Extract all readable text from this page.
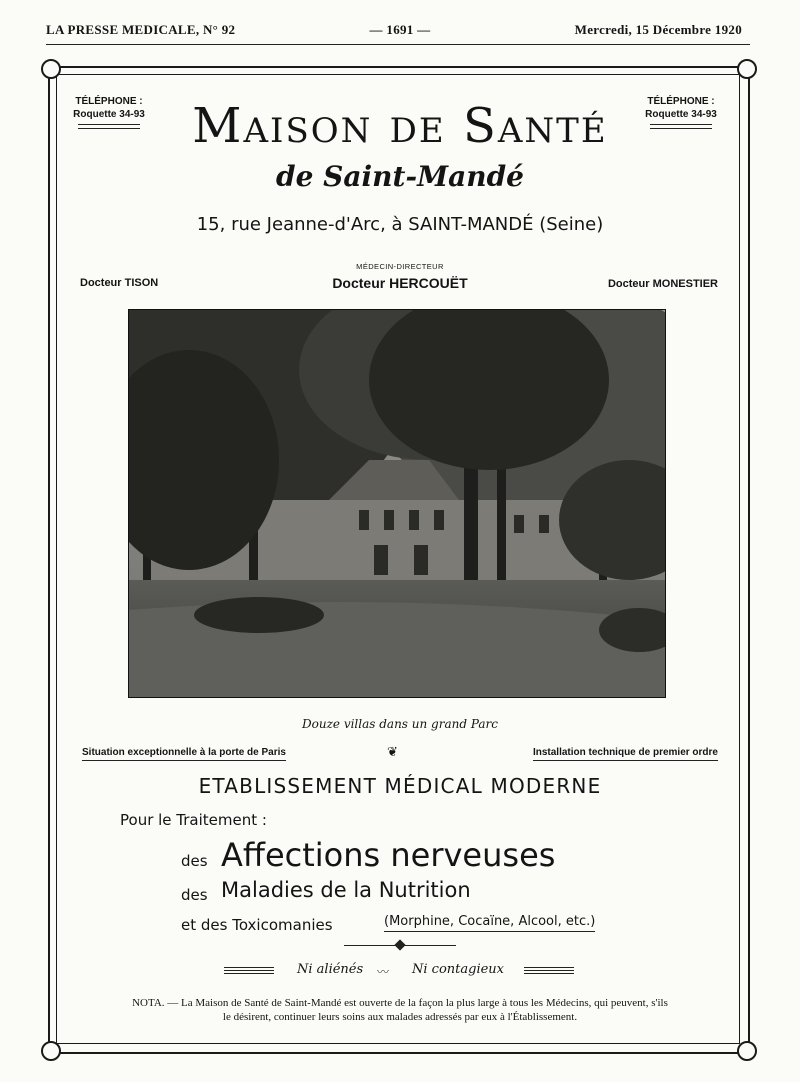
LA PRESSE MEDICALE, N° 92	— 1691 —	Mercredi, 15 Décembre 1920
TÉLÉPHONE :
Roquette 34-93
TÉLÉPHONE :
Roquette 34-93
MAISON DE SANTÉ
de Saint-Mandé
15, rue Jeanne-d'Arc, à SAINT-MANDÉ (Seine)
MÉDECIN-DIRECTEUR
Docteur TISON	Docteur HERCOUËT	Docteur MONESTIER
Douze villas dans un grand Parc
Situation exceptionnelle à la porte de Paris	❦	Installation technique de premier ordre
ETABLISSEMENT MÉDICAL MODERNE
Pour le Traitement :
des Affections nerveuses
des Maladies de la Nutrition
et des Toxicomanies	(Morphine, Cocaïne, Alcool, etc.)
Ni aliénés 〰 Ni contagieux
NOTA. — La Maison de Santé de Saint-Mandé est ouverte de la façon la plus large à tous les Médecins, qui peuvent, s'ils
le désirent, continuer leurs soins aux malades adressés par eux à l'Établissement.
